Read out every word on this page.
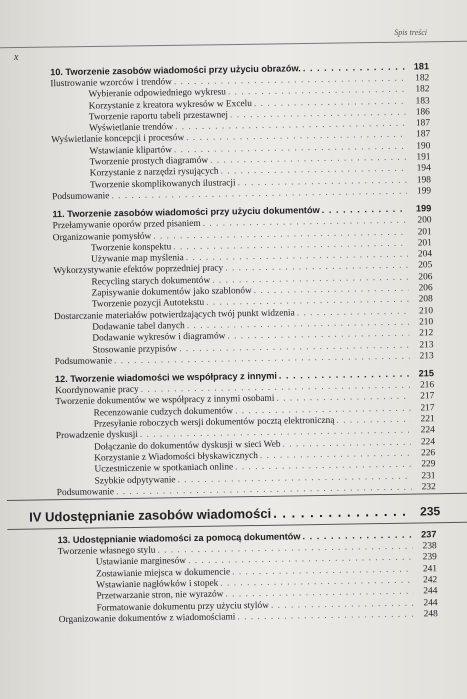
Spis treści
x
10. Tworzenie zasobów wiadomości przy użyciu obrazów. . . .	181
Ilustrowanie wzorców i trendów . . .	182
Wybieranie odpowiedniego wykresu . . .	182
Korzystanie z kreatora wykresów w Excelu . . .	183
Tworzenie raportu tabeli przestawnej . . .	186
Wyświetlanie trendów . . .	187
Wyświetlanie koncepcji i procesów . . .	187
Wstawianie klipartów . . .	190
Tworzenie prostych diagramów . . .	191
Korzystanie z narzędzi rysujących . . .	194
Tworzenie skomplikowanych ilustracji . . .	198
Podsumowanie . . .	199
11. Tworzenie zasobów wiadomości przy użyciu dokumentów . . .	199
Przełamywanie oporów przed pisaniem . . .	200
Organizowanie pomysłów . . .	201
Tworzenie konspektu . . .	201
Używanie map myślenia . . .	204
Wykorzystywanie efektów poprzedniej pracy . . .	205
Recycling starych dokumentów . . .	206
Zapisywanie dokumentów jako szablonów . . .	206
Tworzenie pozycji Autotekstu . . .	208
Dostarczanie materiałów potwierdzających twój punkt widzenia . . .	210
Dodawanie tabel danych . . .	210
Dodawanie wykresów i diagramów . . .	212
Stosowanie przypisów . . .	213
Podsumowanie . . .	213
12. Tworzenie wiadomości we współpracy z innymi . . .	215
Koordynowanie pracy . . .	216
Tworzenie dokumentów we współpracy z innymi osobami . . .	217
Recenzowanie cudzych dokumentów . . .	217
Przesyłanie roboczych wersji dokumentów pocztą elektroniczną . . .	221
Prowadzenie dyskusji . . .	224
Dołączanie do dokumentów dyskusji w sieci Web . . .	224
Korzystanie z Wiadomości błyskawicznych . . .	226
Uczestniczenie w spotkaniach online . . .	229
Szybkie odpytywanie . . .	231
Podsumowanie . . .	232
IV Udostępnianie zasobów wiadomości . . .	235
13. Udostępnianie wiadomości za pomocą dokumentów . . .	237
Tworzenie własnego stylu . . .	238
Ustawianie marginesów . . .	239
Zostawianie miejsca w dokumencie . . .	241
Wstawianie nagłówków i stopek . . .	242
Przetwarzanie stron, nie wyrazów . . .	244
Formatowanie dokumentu przy użyciu stylów . . .	244
Organizowanie dokumentów z wiadomościami . . .	248
